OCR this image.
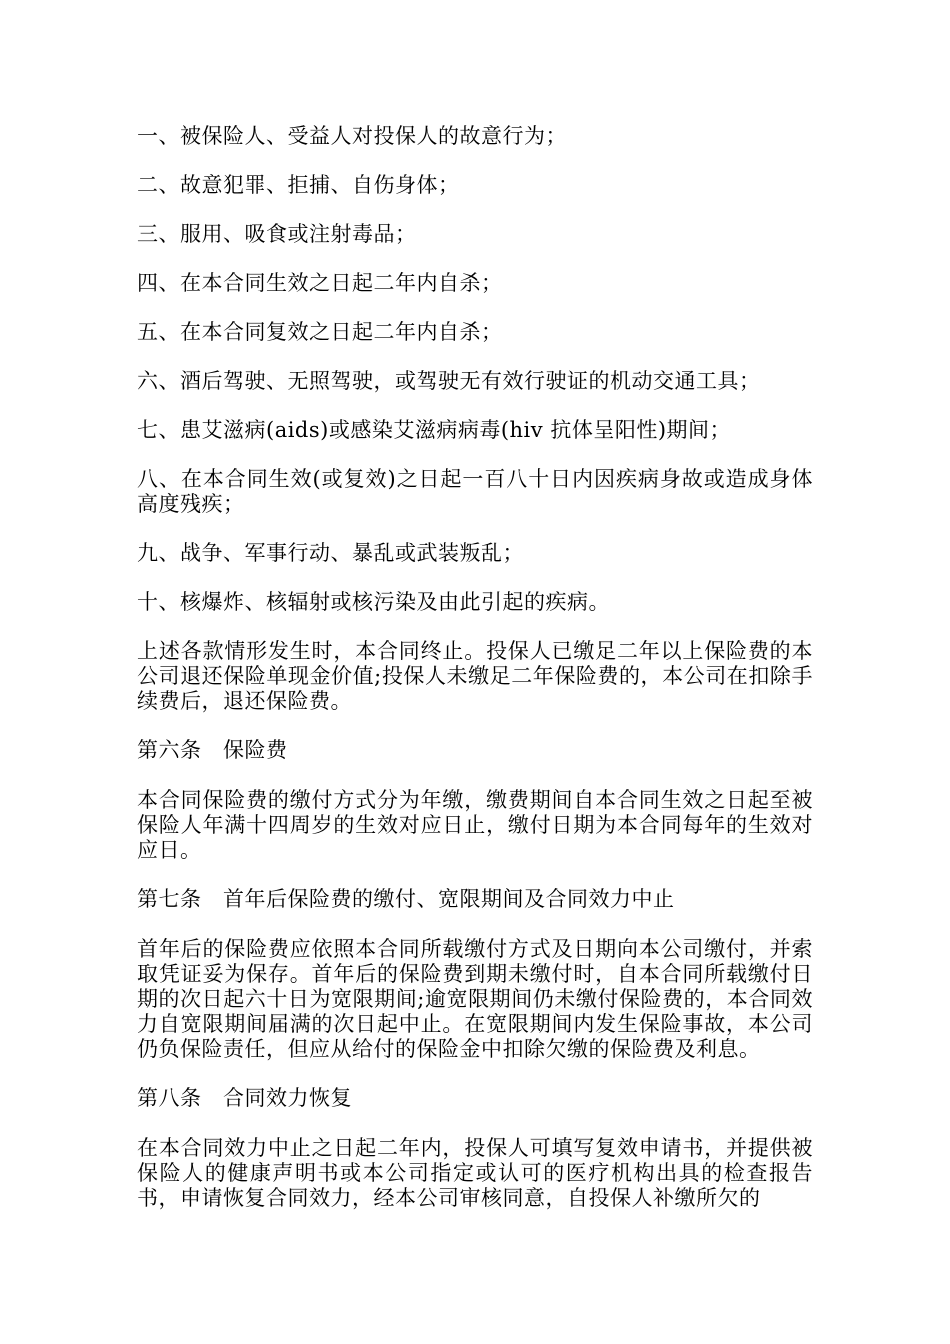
一、被保险人、受益人对投保人的故意行为；

二、故意犯罪、拒捕、自伤身体；

三、服用、吸食或注射毒品；

四、在本合同生效之日起二年内自杀；

五、在本合同复效之日起二年内自杀；

六、酒后驾驶、无照驾驶，或驾驶无有效行驶证的机动交通工具；

七、患艾滋病(aids)或感染艾滋病病毒(hiv 抗体呈阳性)期间；

八、在本合同生效(或复效)之日起一百八十日内因疾病身故或造成身体高度残疾；

九、战争、军事行动、暴乱或武装叛乱；

十、核爆炸、核辐射或核污染及由此引起的疾病。

上述各款情形发生时，本合同终止。投保人已缴足二年以上保险费的本公司退还保险单现金价值;投保人未缴足二年保险费的，本公司在扣除手续费后，退还保险费。

第六条　保险费

本合同保险费的缴付方式分为年缴，缴费期间自本合同生效之日起至被保险人年满十四周岁的生效对应日止，缴付日期为本合同每年的生效对应日。

第七条　首年后保险费的缴付、宽限期间及合同效力中止

首年后的保险费应依照本合同所载缴付方式及日期向本公司缴付，并索取凭证妥为保存。首年后的保险费到期未缴付时，自本合同所载缴付日期的次日起六十日为宽限期间;逾宽限期间仍未缴付保险费的，本合同效力自宽限期间届满的次日起中止。在宽限期间内发生保险事故，本公司仍负保险责任，但应从给付的保险金中扣除欠缴的保险费及利息。

第八条　合同效力恢复

在本合同效力中止之日起二年内，投保人可填写复效申请书，并提供被保险人的健康声明书或本公司指定或认可的医疗机构出具的检查报告书，申请恢复合同效力，经本公司审核同意，自投保人补缴所欠的
